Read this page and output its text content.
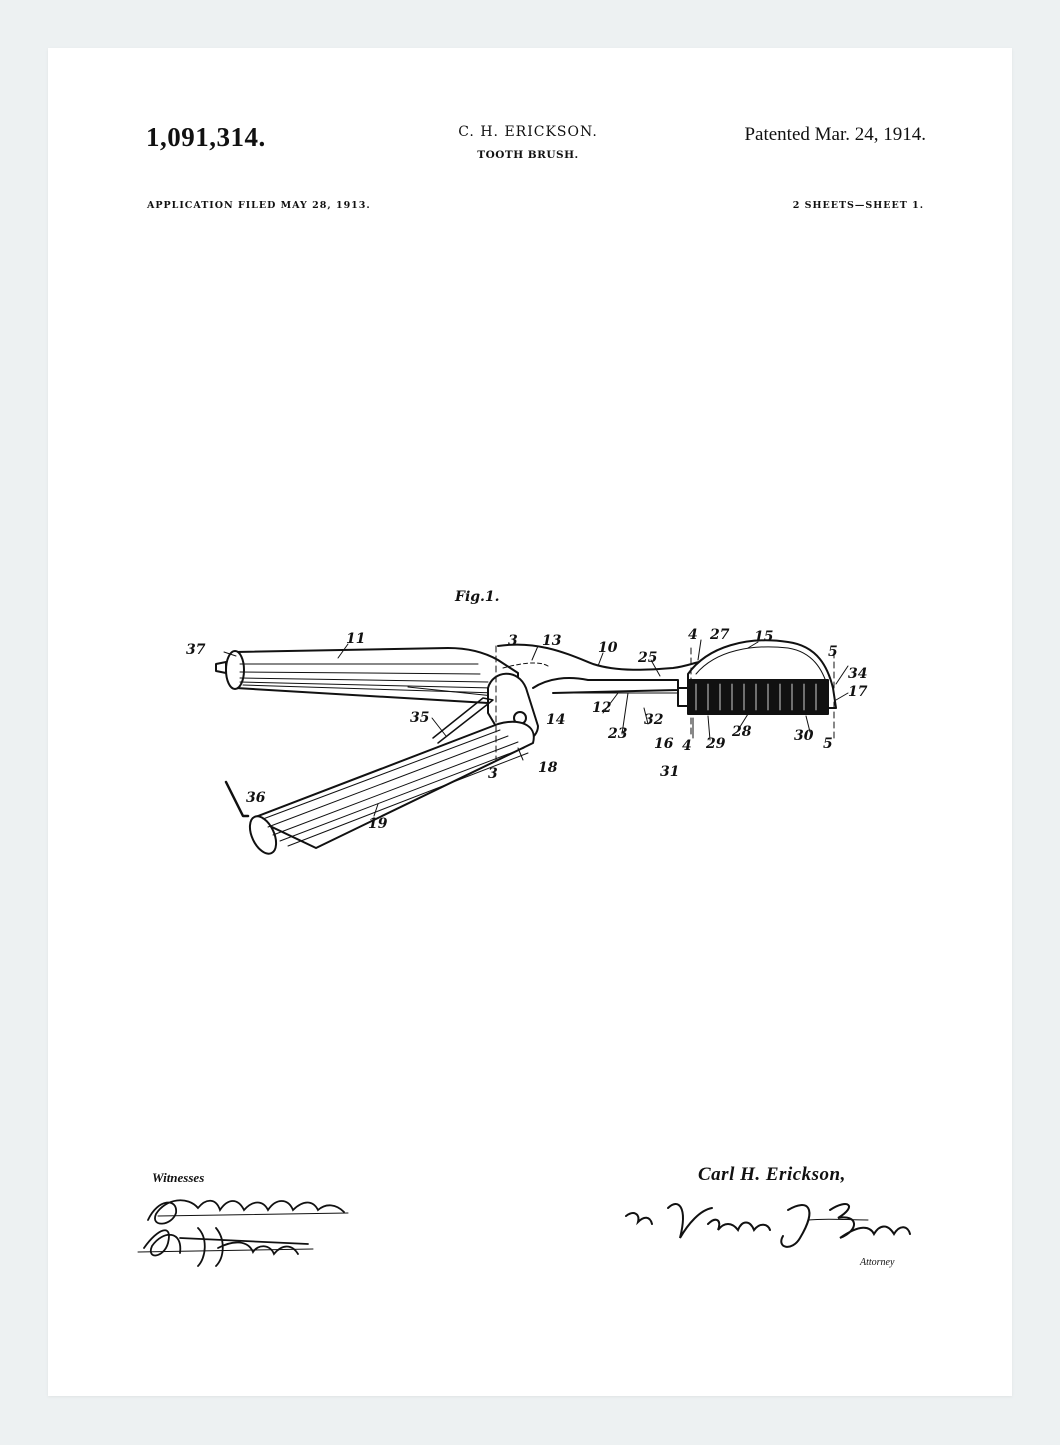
1,091,314.	C. H. ERICKSON.
TOOTH BRUSH.
Patented Mar. 24, 1914.
APPLICATION FILED MAY 28, 1913.	2 SHEETS—SHEET 1.
Fig.1.
37
11	3 13	10
4 27 15
5
34
25
17
35
12
32
14
23
16 4 29
28	30 5
18
3	31
36
19
Witnesses	Carl H. Erickson,
Attorney
